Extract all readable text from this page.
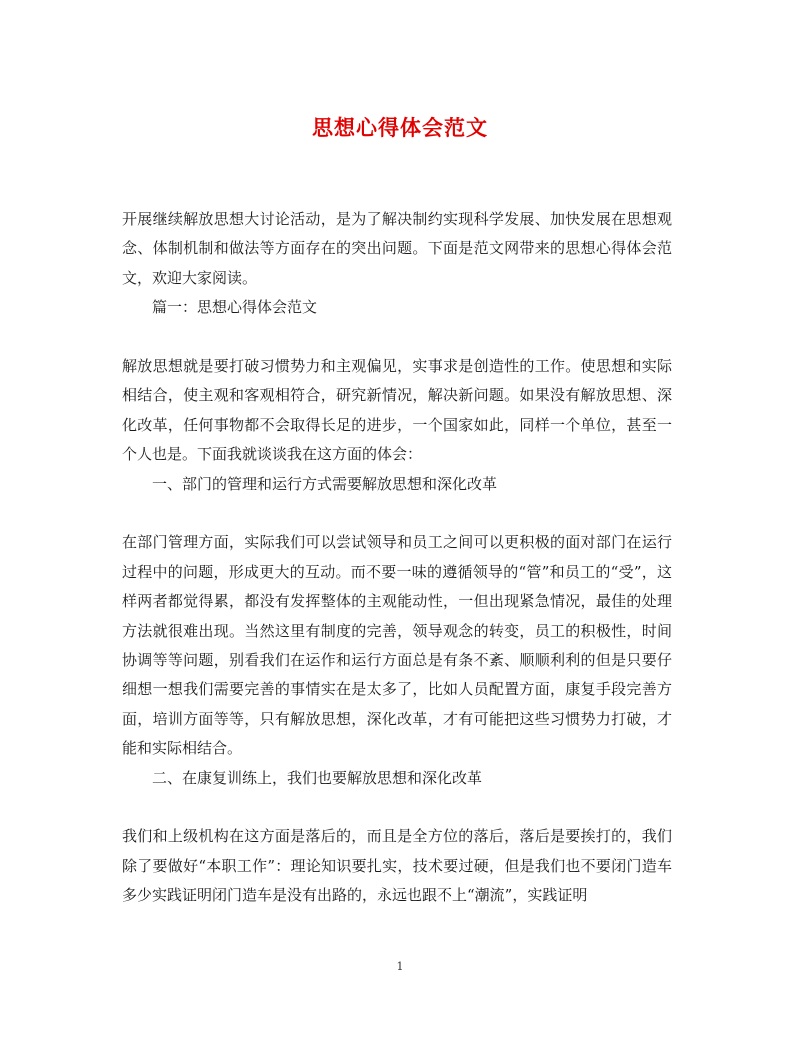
思想心得体会范文

开展继续解放思想大讨论活动，是为了解决制约实现科学发展、加快发展在思想观念、体制机制和做法等方面存在的突出问题。下面是范文网带来的思想心得体会范文，欢迎大家阅读。

篇一：思想心得体会范文

解放思想就是要打破习惯势力和主观偏见，实事求是创造性的工作。使思想和实际相结合，使主观和客观相符合，研究新情况，解决新问题。如果没有解放思想、深化改革，任何事物都不会取得长足的进步，一个国家如此，同样一个单位，甚至一个人也是。下面我就谈谈我在这方面的体会：

一、部门的管理和运行方式需要解放思想和深化改革

在部门管理方面，实际我们可以尝试领导和员工之间可以更积极的面对部门在运行过程中的问题，形成更大的互动。而不要一味的遵循领导的“管”和员工的“受”，这样两者都觉得累，都没有发挥整体的主观能动性，一但出现紧急情况，最佳的处理方法就很难出现。当然这里有制度的完善，领导观念的转变，员工的积极性，时间协调等等问题，别看我们在运作和运行方面总是有条不紊、顺顺利利的但是只要仔细想一想我们需要完善的事情实在是太多了，比如人员配置方面，康复手段完善方面，培训方面等等，只有解放思想，深化改革，才有可能把这些习惯势力打破，才能和实际相结合。

二、在康复训练上，我们也要解放思想和深化改革

我们和上级机构在这方面是落后的，而且是全方位的落后，落后是要挨打的，我们除了要做好“本职工作”：理论知识要扎实，技术要过硬，但是我们也不要闭门造车多少实践证明闭门造车是没有出路的，永远也跟不上“潮流”，实践证明

1
